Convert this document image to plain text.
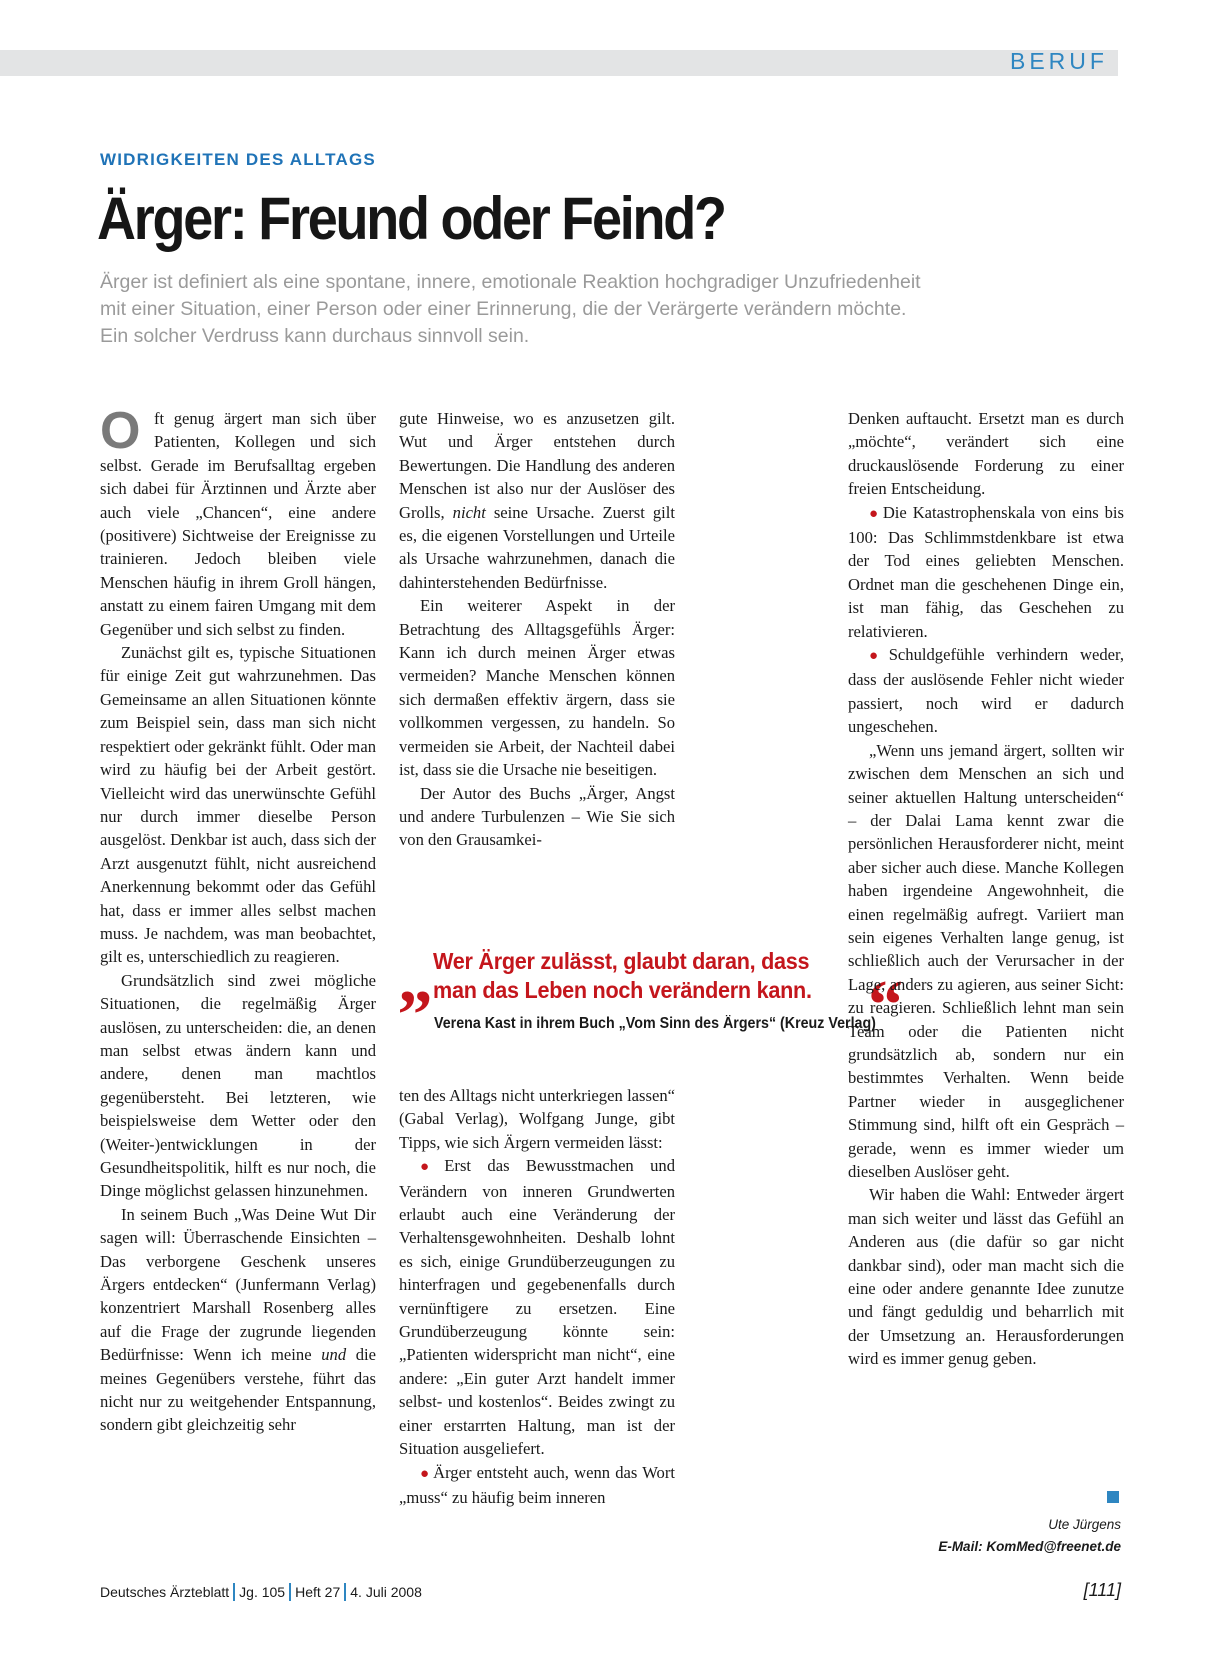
BERUF
WIDRIGKEITEN DES ALLTAGS
Ärger: Freund oder Feind?

Ärger ist definiert als eine spontane, innere, emotionale Reaktion hochgradiger Unzufriedenheit mit einer Situation, einer Person oder einer Erinnerung, die der Verärgerte verändern möchte. Ein solcher Verdruss kann durchaus sinnvoll sein.

Oft genug ärgert man sich über Patienten, Kollegen und sich selbst. Gerade im Berufsalltag ergeben sich dabei für Ärztinnen und Ärzte aber auch viele „Chancen“, eine andere (positivere) Sichtweise der Ereignisse zu trainieren. Jedoch bleiben viele Menschen häufig in ihrem Groll hängen, anstatt zu einem fairen Umgang mit dem Gegenüber und sich selbst zu finden.

Zunächst gilt es, typische Situationen für einige Zeit gut wahrzunehmen. Das Gemeinsame an allen Situationen könnte zum Beispiel sein, dass man sich nicht respektiert oder gekränkt fühlt. Oder man wird zu häufig bei der Arbeit gestört. Vielleicht wird das unerwünschte Gefühl nur durch immer dieselbe Person ausgelöst. Denkbar ist auch, dass sich der Arzt ausgenutzt fühlt, nicht ausreichend Anerkennung bekommt oder das Gefühl hat, dass er immer alles selbst machen muss. Je nachdem, was man beobachtet, gilt es, unterschiedlich zu reagieren.

Grundsätzlich sind zwei mögliche Situationen, die regelmäßig Ärger auslösen, zu unterscheiden: die, an denen man selbst etwas ändern kann und andere, denen man machtlos gegenübersteht. Bei letzteren, wie beispielsweise dem Wetter oder den (Weiter-)entwicklungen in der Gesundheitspolitik, hilft es nur noch, die Dinge möglichst gelassen hinzunehmen.

In seinem Buch „Was Deine Wut Dir sagen will: Überraschende Einsichten – Das verborgene Geschenk unseres Ärgers entdecken“ (Junfermann Verlag) konzentriert Marshall Rosenberg alles auf die Frage der zugrunde liegenden Bedürfnisse: Wenn ich meine und die meines Gegenübers verstehe, führt das nicht nur zu weitgehender Entspannung, sondern gibt gleichzeitig sehr

gute Hinweise, wo es anzusetzen gilt. Wut und Ärger entstehen durch Bewertungen. Die Handlung des anderen Menschen ist also nur der Auslöser des Grolls, nicht seine Ursache. Zuerst gilt es, die eigenen Vorstellungen und Urteile als Ursache wahrzunehmen, danach die dahinterstehenden Bedürfnisse.

Ein weiterer Aspekt in der Betrachtung des Alltagsgefühls Ärger: Kann ich durch meinen Ärger etwas vermeiden? Manche Menschen können sich dermaßen effektiv ärgern, dass sie vollkommen vergessen, zu handeln. So vermeiden sie Arbeit, der Nachteil dabei ist, dass sie die Ursache nie beseitigen.

Der Autor des Buchs „Ärger, Angst und andere Turbulenzen – Wie Sie sich von den Grausamkei-

„ Wer Ärger zulässt, glaubt daran, dass
man das Leben noch verändern kann. “
Verena Kast in ihrem Buch „Vom Sinn des Ärgers“ (Kreuz Verlag)

ten des Alltags nicht unterkriegen lassen“ (Gabal Verlag), Wolfgang Junge, gibt Tipps, wie sich Ärgern vermeiden lässt:

● Erst das Bewusstmachen und Verändern von inneren Grundwerten erlaubt auch eine Veränderung der Verhaltensgewohnheiten. Deshalb lohnt es sich, einige Grundüberzeugungen zu hinterfragen und gegebenenfalls durch vernünftigere zu ersetzen. Eine Grundüberzeugung könnte sein: „Patienten widerspricht man nicht“, eine andere: „Ein guter Arzt handelt immer selbst- und kostenlos“. Beides zwingt zu einer erstarrten Haltung, man ist der Situation ausgeliefert.

● Ärger entsteht auch, wenn das Wort „muss“ zu häufig beim inneren

Denken auftaucht. Ersetzt man es durch „möchte“, verändert sich eine druckauslösende Forderung zu einer freien Entscheidung.

● Die Katastrophenskala von eins bis 100: Das Schlimmstdenkbare ist etwa der Tod eines geliebten Menschen. Ordnet man die geschehenen Dinge ein, ist man fähig, das Geschehen zu relativieren.

● Schuldgefühle verhindern weder, dass der auslösende Fehler nicht wieder passiert, noch wird er dadurch ungeschehen.

„Wenn uns jemand ärgert, sollten wir zwischen dem Menschen an sich und seiner aktuellen Haltung unterscheiden“ – der Dalai Lama kennt zwar die persönlichen Herausforderer nicht, meint aber sicher auch diese. Manche Kollegen haben irgendeine Angewohnheit, die einen regelmäßig aufregt. Variiert man sein eigenes Verhalten lange genug, ist schließlich auch der Verursacher in der Lage, anders zu agieren, aus seiner Sicht: zu reagieren. Schließlich lehnt man sein Team oder die Patienten nicht grundsätzlich ab, sondern nur ein bestimmtes Verhalten. Wenn beide Partner wieder in ausgeglichener Stimmung sind, hilft oft ein Gespräch – gerade, wenn es immer wieder um dieselben Auslöser geht.

Wir haben die Wahl: Entweder ärgert man sich weiter und lässt das Gefühl an Anderen aus (die dafür so gar nicht dankbar sind), oder man macht sich die eine oder andere genannte Idee zunutze und fängt geduldig und beharrlich mit der Umsetzung an. Herausforderungen wird es immer genug geben.

Ute Jürgens
E-Mail: KomMed@freenet.de
Deutsches Ärzteblatt Jg. 105 Heft 27 4. Juli 2008	[111]
